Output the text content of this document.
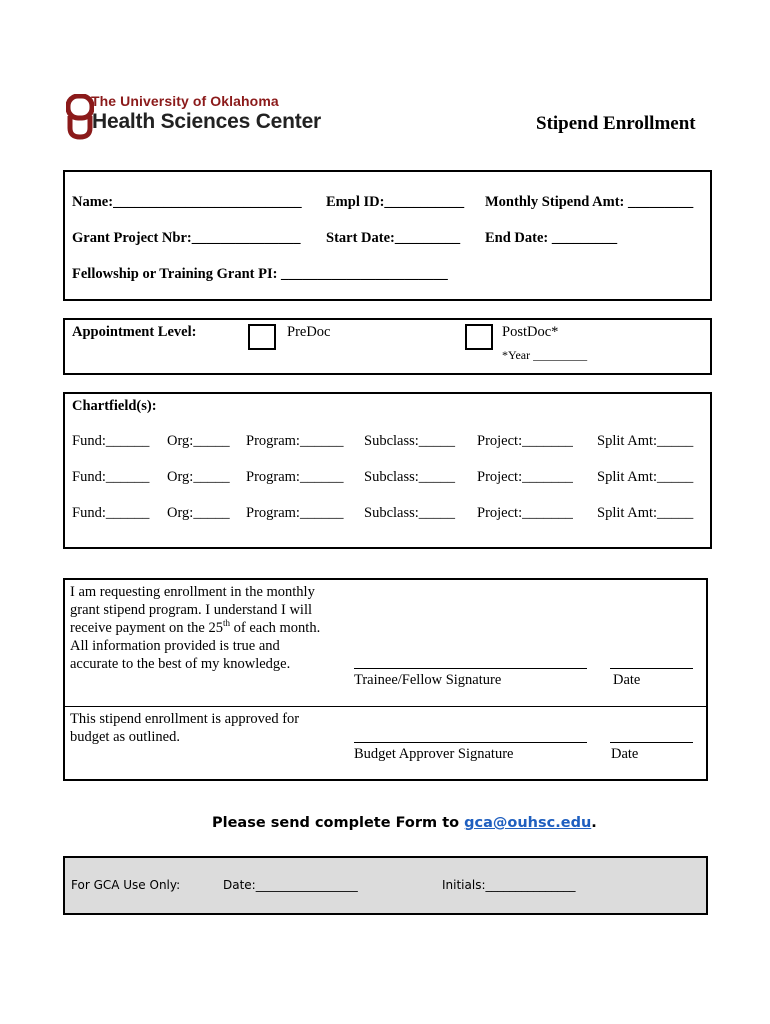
The University of Oklahoma
Health Sciences Center	Stipend Enrollment
Name:__________________________ Empl ID:___________ Monthly Stipend Amt: _________
Grant Project Nbr:_______________ Start Date:_________ End Date: _________
Fellowship or Training Grant PI: _______________________
Appointment Level:	PreDoc	PostDoc*
*Year _________
Chartfield(s):
Fund:______ Org:_____ Program:______ Subclass:_____ Project:_______ Split Amt:_____
Fund:______ Org:_____ Program:______ Subclass:_____ Project:_______ Split Amt:_____
Fund:______ Org:_____ Program:______ Subclass:_____ Project:_______ Split Amt:_____
I am requesting enrollment in the monthly
grant stipend program. I understand I will
receive payment on the 25th of each month.
All information provided is true and
accurate to the best of my knowledge.
Trainee/Fellow Signature	Date
This stipend enrollment is approved for
budget as outlined.
Budget Approver Signature	Date
Please send complete Form to gca@ouhsc.edu.
For GCA Use Only:	Date:_________________	Initials:_______________
